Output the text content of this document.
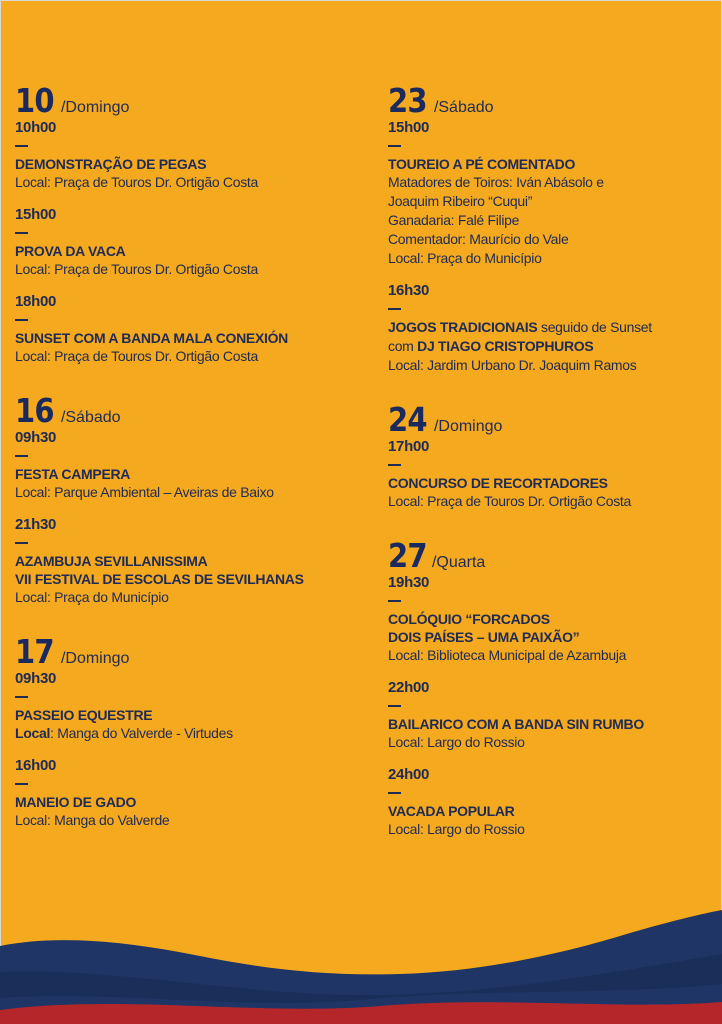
10 /Domingo
10h00
DEMONSTRAÇÃO DE PEGAS
Local: Praça de Touros Dr. Ortigão Costa
15h00
PROVA DA VACA
Local: Praça de Touros Dr. Ortigão Costa
18h00
SUNSET COM A BANDA MALA CONEXIÓN
Local: Praça de Touros Dr. Ortigão Costa
16 /Sábado
09h30
FESTA CAMPERA
Local: Parque Ambiental – Aveiras de Baixo
21h30
AZAMBUJA SEVILLANISSIMA
VII FESTIVAL DE ESCOLAS DE SEVILHANAS
Local: Praça do Município
17 /Domingo
09h30
PASSEIO EQUESTRE
Local: Manga do Valverde - Virtudes
16h00
MANEIO DE GADO
Local: Manga do Valverde
23 /Sábado
15h00
TOUREIO A PÉ COMENTADO
Matadores de Toiros: Iván Abásolo e
Joaquim Ribeiro “Cuqui”
Ganadaria: Falé Filipe
Comentador: Maurício do Vale
Local: Praça do Município
16h30
JOGOS TRADICIONAIS seguido de Sunset
com DJ TIAGO CRISTOPHUROS
Local: Jardim Urbano Dr. Joaquim Ramos
24 /Domingo
17h00
CONCURSO DE RECORTADORES
Local: Praça de Touros Dr. Ortigão Costa
27 /Quarta
19h30
COLÓQUIO “FORCADOS
DOIS PAÍSES – UMA PAIXÃO”
Local: Biblioteca Municipal de Azambuja
22h00
BAILARICO COM A BANDA SIN RUMBO
Local: Largo do Rossio
24h00
VACADA POPULAR
Local: Largo do Rossio
